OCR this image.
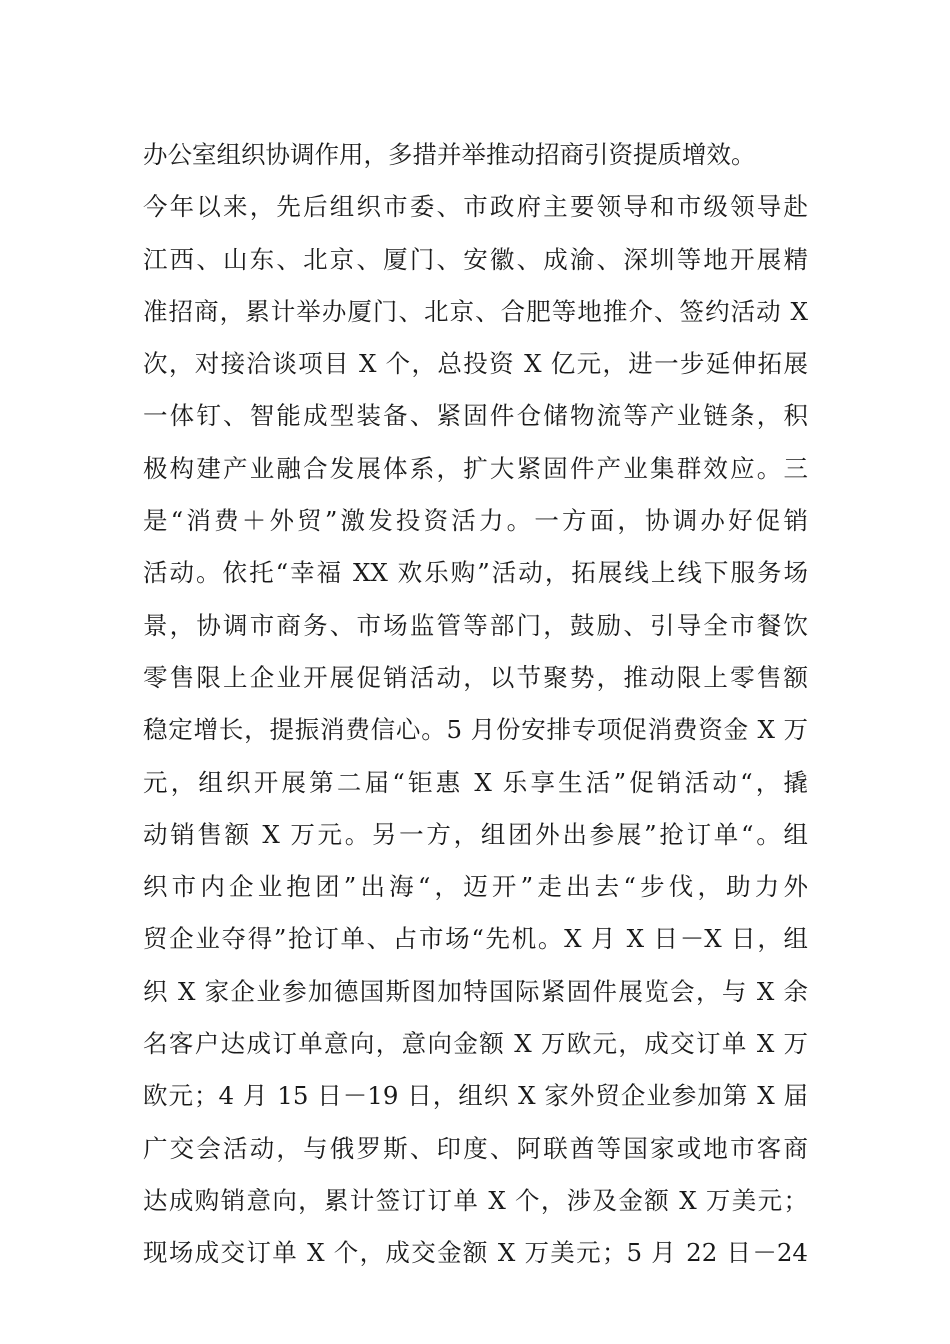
办公室组织协调作用，多措并举推动招商引资提质增效。
今年以来，先后组织市委、市政府主要领导和市级领导赴
江西、山东、北京、厦门、安徽、成渝、深圳等地开展精
准招商，累计举办厦门、北京、合肥等地推介、签约活动 X
次，对接洽谈项目 X 个，总投资 X 亿元，进一步延伸拓展
一体钉、智能成型装备、紧固件仓储物流等产业链条，积
极构建产业融合发展体系，扩大紧固件产业集群效应。三
是“消费＋外贸”激发投资活力。一方面，协调办好促销
活动。依托“幸福 XX 欢乐购”活动，拓展线上线下服务场
景，协调市商务、市场监管等部门，鼓励、引导全市餐饮
零售限上企业开展促销活动，以节聚势，推动限上零售额
稳定增长，提振消费信心。5 月份安排专项促消费资金 X 万
元，组织开展第二届“钜惠 X 乐享生活”促销活动“，撬
动销售额 X 万元。另一方，组团外出参展”抢订单“。组
织市内企业抱团”出海“，迈开”走出去“步伐，助力外
贸企业夺得”抢订单、占市场“先机。X 月 X 日－X 日，组
织 X 家企业参加德国斯图加特国际紧固件展览会，与 X 余
名客户达成订单意向，意向金额 X 万欧元，成交订单 X 万
欧元；4 月 15 日－19 日，组织 X 家外贸企业参加第 X 届
广交会活动，与俄罗斯、印度、阿联酋等国家或地市客商
达成购销意向，累计签订订单 X 个，涉及金额 X 万美元；
现场成交订单 X 个，成交金额 X 万美元；5 月 22 日－24
